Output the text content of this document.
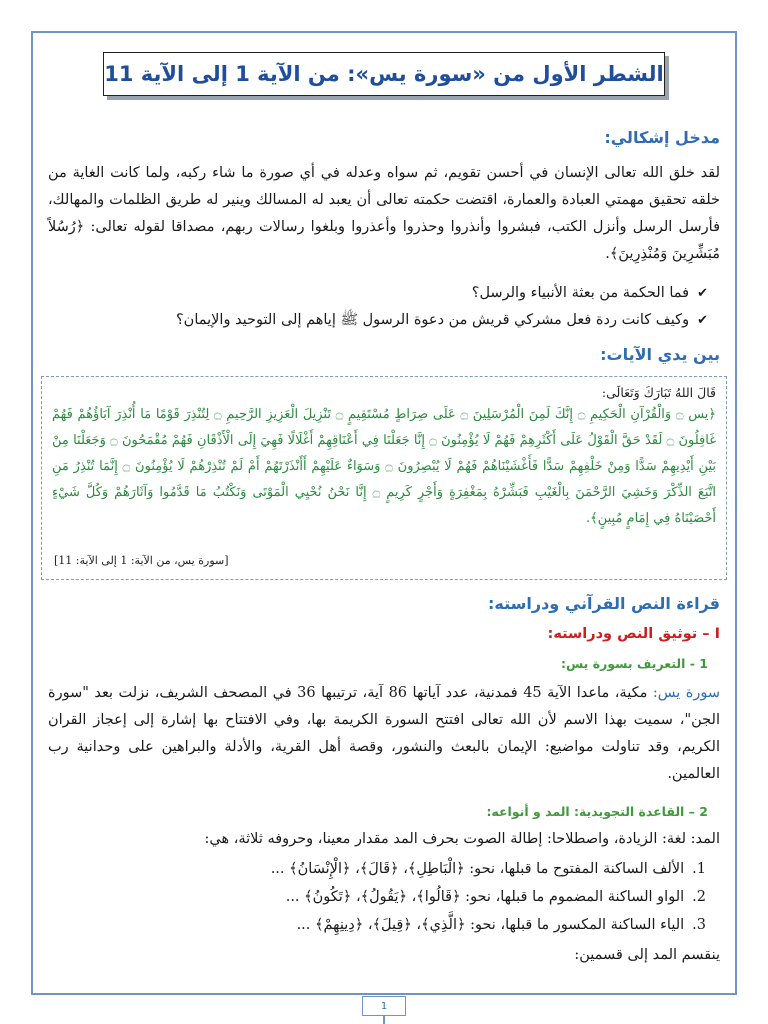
الشطر الأول من «سورة يس»: من الآية 1 إلى الآية 11
مدخل إشكالي:

لقد خلق الله تعالى الإنسان في أحسن تقويم، ثم سواه وعدله في أي صورة ما شاء ركبه، ولما كانت الغاية من خلقه تحقيق مهمتي العبادة والعمارة، اقتضت حكمته تعالى أن يعبد له المسالك وينير له طريق الظلمات والمهالك، فأرسل الرسل وأنزل الكتب، فبشروا وأنذروا وحذروا وأعذروا وبلغوا رسالات ربهم، مصداقا لقوله تعالى: ﴿رُسُلاً مُبَشِّرِينَ وَمُنْذِرِينَ﴾.

✔
فما الحكمة من بعثة الأنبياء والرسل؟
✔
وكيف كانت ردة فعل مشركي قريش من دعوة الرسول ﷺ إياهم إلى التوحيد والإيمان؟
بين يدي الآيات:

قَالَ اللهُ تَبَارَكَ وَتَعَالَى:

﴿يس ۝ وَالْقُرْآنِ الْحَكِيمِ ۝ إِنَّكَ لَمِنَ الْمُرْسَلِينَ ۝ عَلَى صِرَاطٍ مُسْتَقِيمٍ ۝ تَنْزِيلَ الْعَزِيزِ الرَّحِيمِ ۝ لِتُنْذِرَ قَوْمًا مَا أُنْذِرَ آبَاؤُهُمْ فَهُمْ غَافِلُونَ ۝ لَقَدْ حَقَّ الْقَوْلُ عَلَى أَكْثَرِهِمْ فَهُمْ لَا يُؤْمِنُونَ ۝ إِنَّا جَعَلْنَا فِي أَعْنَاقِهِمْ أَغْلَالًا فَهِيَ إِلَى الْأَذْقَانِ فَهُمْ مُقْمَحُونَ ۝ وَجَعَلْنَا مِنْ بَيْنِ أَيْدِيهِمْ سَدًّا وَمِنْ خَلْفِهِمْ سَدًّا فَأَغْشَيْنَاهُمْ فَهُمْ لَا يُبْصِرُونَ ۝ وَسَوَاءٌ عَلَيْهِمْ أَأَنْذَرْتَهُمْ أَمْ لَمْ تُنْذِرْهُمْ لَا يُؤْمِنُونَ ۝ إِنَّمَا تُنْذِرُ مَنِ اتَّبَعَ الذِّكْرَ وَخَشِيَ الرَّحْمَنَ بِالْغَيْبِ فَبَشِّرْهُ بِمَغْفِرَةٍ وَأَجْرٍ كَرِيمٍ ۝ إِنَّا نَحْنُ نُحْيِي الْمَوْتَى وَنَكْتُبُ مَا قَدَّمُوا وَآثَارَهُمْ وَكُلَّ شَيْءٍ أَحْصَيْنَاهُ فِي إِمَامٍ مُبِينٍ﴾.

[سورة يس، من الآية: 1 إلى الآية: 11]
قراءة النص القرآني ودراسته:
I – توثيق النص ودراسته:
1 - التعريف بسورة يس:

سورة يس: مكية، ماعدا الآية 45 فمدنية، عدد آياتها 86 آية، ترتيبها 36 في المصحف الشريف، نزلت بعد "سورة الجن"، سميت بهذا الاسم لأن الله تعالى افتتح السورة الكريمة بها، وفي الافتتاح بها إشارة إلى إعجاز القران الكريم، وقد تناولت مواضيع: الإيمان بالبعث والنشور، وقصة أهل القرية، والأدلة والبراهين على وحدانية رب العالمين.

2 – القاعدة التجويدية: المد و أنواعه:

المد: لغة: الزيادة، واصطلاحا: إطالة الصوت بحرف المد مقدار معينا، وحروفه ثلاثة، هي:

1.
الألف الساكنة المفتوح ما قبلها، نحو: ﴿الْبَاطِلِ﴾، ﴿قَالَ﴾، ﴿الْإِنْسَانُ﴾ ...
2.
الواو الساكنة المضموم ما قبلها، نحو: ﴿قَالُوا﴾، ﴿يَقُولُ﴾، ﴿تَكُونُ﴾ ...
3.
الياء الساكنة المكسور ما قبلها، نحو: ﴿الَّذِي﴾، ﴿قِيلَ﴾، ﴿دِينِهِمْ﴾ ...

ينقسم المد إلى قسمين:

1
